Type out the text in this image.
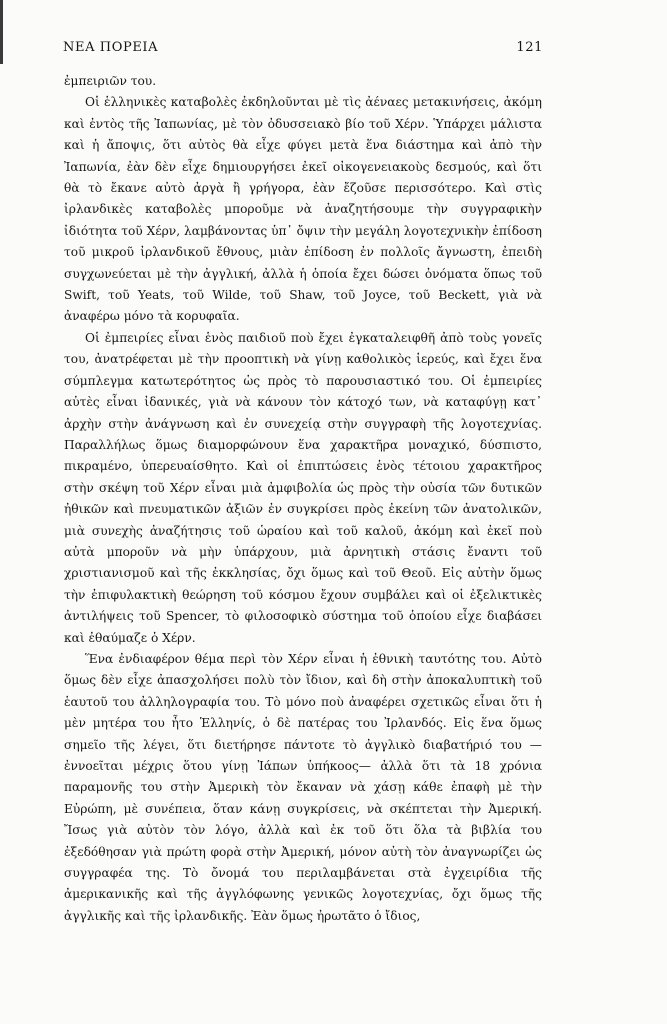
ΝΕΑ ΠΟΡΕΙΑ	121

ἐμπειριῶν του.

Οἱ ἑλληνικὲς καταβολὲς ἐκδηλοῦνται μὲ τὶς ἀέναες μετακινήσεις, ἀκόμη καὶ ἐντὸς τῆς Ἰαπωνίας, μὲ τὸν ὀδυσσειακὸ βίο τοῦ Χέρν. Ὑπάρχει μάλιστα καὶ ἡ ἄποψις, ὅτι αὐτὸς θὰ εἶχε φύγει μετὰ ἕνα διάστημα καὶ ἀπὸ τὴν Ἰαπωνία, ἐὰν δὲν εἶχε δημιουργήσει ἐκεῖ οἰκογενειακοὺς δεσμούς, καὶ ὅτι θὰ τὸ ἔκανε αὐτὸ ἀργὰ ἢ γρήγορα, ἐὰν ἔζοῦσε περισσότερο. Καὶ στὶς ἰρλανδικὲς καταβολὲς μποροῦμε νὰ ἀναζητήσουμε τὴν συγγραφικὴν ἰδιότητα τοῦ Χέρν, λαμβάνοντας ὑπ᾿ ὄψιν τὴν μεγάλη λογοτεχνικὴν ἐπίδοση τοῦ μικροῦ ἰρλανδικοῦ ἔθνους, μιὰν ἐπίδοση ἐν πολλοῖς ἄγνωστη, ἐπειδὴ συγχωνεύεται μὲ τὴν ἀγγλική, ἀλλὰ ἡ ὁποία ἔχει δώσει ὀνόματα ὅπως τοῦ Swift, τοῦ Yeats, τοῦ Wilde, τοῦ Shaw, τοῦ Joyce, τοῦ Beckett, γιὰ νὰ ἀναφέρω μόνο τὰ κορυφαῖα.

Οἱ ἐμπειρίες εἶναι ἑνὸς παιδιοῦ ποὺ ἔχει ἐγκαταλειφθῆ ἀπὸ τοὺς γονεῖς του, ἀνατρέφεται μὲ τὴν προοπτικὴ νὰ γίνῃ καθολικὸς ἱερεύς, καὶ ἔχει ἕνα σύμπλεγμα κατωτερότητος ὡς πρὸς τὸ παρουσιαστικό του. Οἱ ἐμπειρίες αὐτὲς εἶναι ἰδανικές, γιὰ νὰ κάνουν τὸν κάτοχό των, νὰ καταφύγῃ κατ᾿ ἀρχὴν στὴν ἀνάγνωση καὶ ἐν συνεχείᾳ στὴν συγγραφὴ τῆς λογοτεχνίας. Παραλλήλως ὅμως διαμορφώνουν ἕνα χαρακτῆρα μοναχικό, δύσπιστο, πικραμένο, ὑπερευαίσθητο. Καὶ οἱ ἐπιπτώσεις ἑνὸς τέτοιου χαρακτῆρος στὴν σκέψη τοῦ Χέρν εἶναι μιὰ ἀμφιβολία ὡς πρὸς τὴν οὐσία τῶν δυτικῶν ἠθικῶν καὶ πνευματικῶν ἀξιῶν ἐν συγκρίσει πρὸς ἐκείνη τῶν ἀνατολικῶν, μιὰ συνεχὴς ἀναζήτησις τοῦ ὡραίου καὶ τοῦ καλοῦ, ἀκόμη καὶ ἐκεῖ ποὺ αὐτὰ μποροῦν νὰ μὴν ὑπάρχουν, μιὰ ἀρνητικὴ στάσις ἔναντι τοῦ χριστιανισμοῦ καὶ τῆς ἐκκλησίας, ὄχι ὅμως καὶ τοῦ Θεοῦ. Εἰς αὐτὴν ὅμως τὴν ἐπιφυλακτικὴ θεώρηση τοῦ κόσμου ἔχουν συμβάλει καὶ οἱ ἐξελικτικὲς ἀντιλήψεις τοῦ Spencer, τὸ φιλοσοφικὸ σύστημα τοῦ ὁποίου εἶχε διαβάσει καὶ ἐθαύμαζε ὁ Χέρν.

Ἕνα ἐνδιαφέρον θέμα περὶ τὸν Χέρν εἶναι ἡ ἐθνικὴ ταυτότης του. Αὐτὸ ὅμως δὲν εἶχε ἀπασχολήσει πολὺ τὸν ἴδιον, καὶ δὴ στὴν ἀποκαλυπτικὴ τοῦ ἑαυτοῦ του ἀλληλογραφία του. Τὸ μόνο ποὺ ἀναφέρει σχετικῶς εἶναι ὅτι ἡ μὲν μητέρα του ἦτο Ἑλληνίς, ὁ δὲ πατέρας του Ἰρλανδός. Εἰς ἕνα ὅμως σημεῖο τῆς λέγει, ὅτι διετήρησε πάντοτε τὸ ἀγγλικὸ διαβατήριό του —ἐννοεῖται μέχρις ὅτου γίνῃ Ἰάπων ὑπήκοος— ἀλλὰ ὅτι τὰ 18 χρόνια παραμονῆς του στὴν Ἀμερικὴ τὸν ἔκαναν νὰ χάσῃ κάθε ἐπαφὴ μὲ τὴν Εὐρώπη, μὲ συνέπεια, ὅταν κάνῃ συγκρίσεις, νὰ σκέπτεται τὴν Ἀμερική. Ἴσως γιὰ αὐτὸν τὸν λόγο, ἀλλὰ καὶ ἐκ τοῦ ὅτι ὅλα τὰ βιβλία του ἐξεδόθησαν γιὰ πρώτη φορὰ στὴν Ἀμερική, μόνον αὐτὴ τὸν ἀναγνωρίζει ὡς συγγραφέα της. Τὸ ὄνομά του περιλαμβάνεται στὰ ἐγχειρίδια τῆς ἀμερικανικῆς καὶ τῆς ἀγγλόφωνης γενικῶς λογοτεχνίας, ὄχι ὅμως τῆς ἀγγλικῆς καὶ τῆς ἰρλανδικῆς. Ἐὰν ὅμως ἠρωτᾶτο ὁ ἴδιος,
